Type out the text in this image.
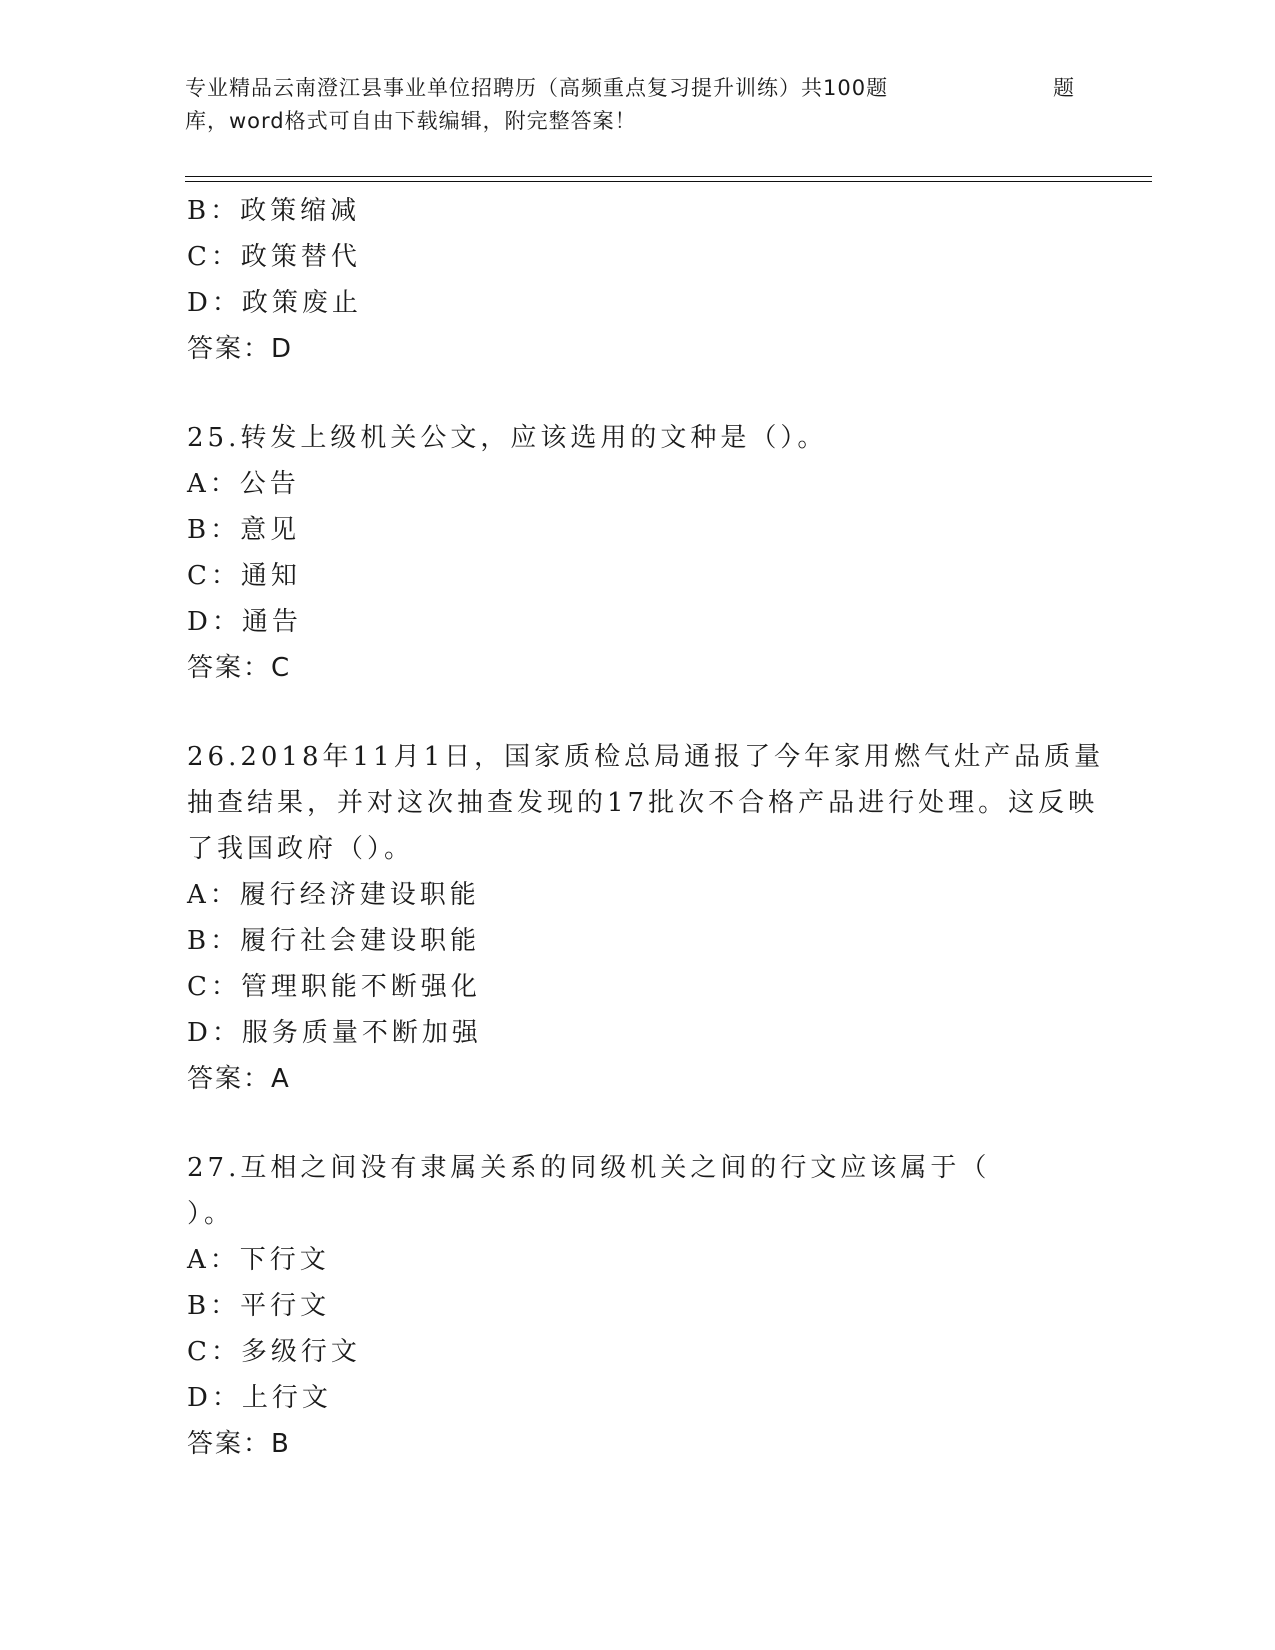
专业精品云南澄江县事业单位招聘历（高频重点复习提升训练）共100题	题
库，word格式可自由下载编辑，附完整答案！
B：政策缩减
C：政策替代
D：政策废止
答案：D
25.转发上级机关公文，应该选用的文种是（）。
A：公告
B：意见
C：通知
D：通告
答案：C
26.2018年11月1日，国家质检总局通报了今年家用燃气灶产品质量
抽查结果，并对这次抽查发现的17批次不合格产品进行处理。这反映
了我国政府（）。
A：履行经济建设职能
B：履行社会建设职能
C：管理职能不断强化
D：服务质量不断加强
答案：A
27.互相之间没有隶属关系的同级机关之间的行文应该属于（
）。
A：下行文
B：平行文
C：多级行文
D：上行文
答案：B
